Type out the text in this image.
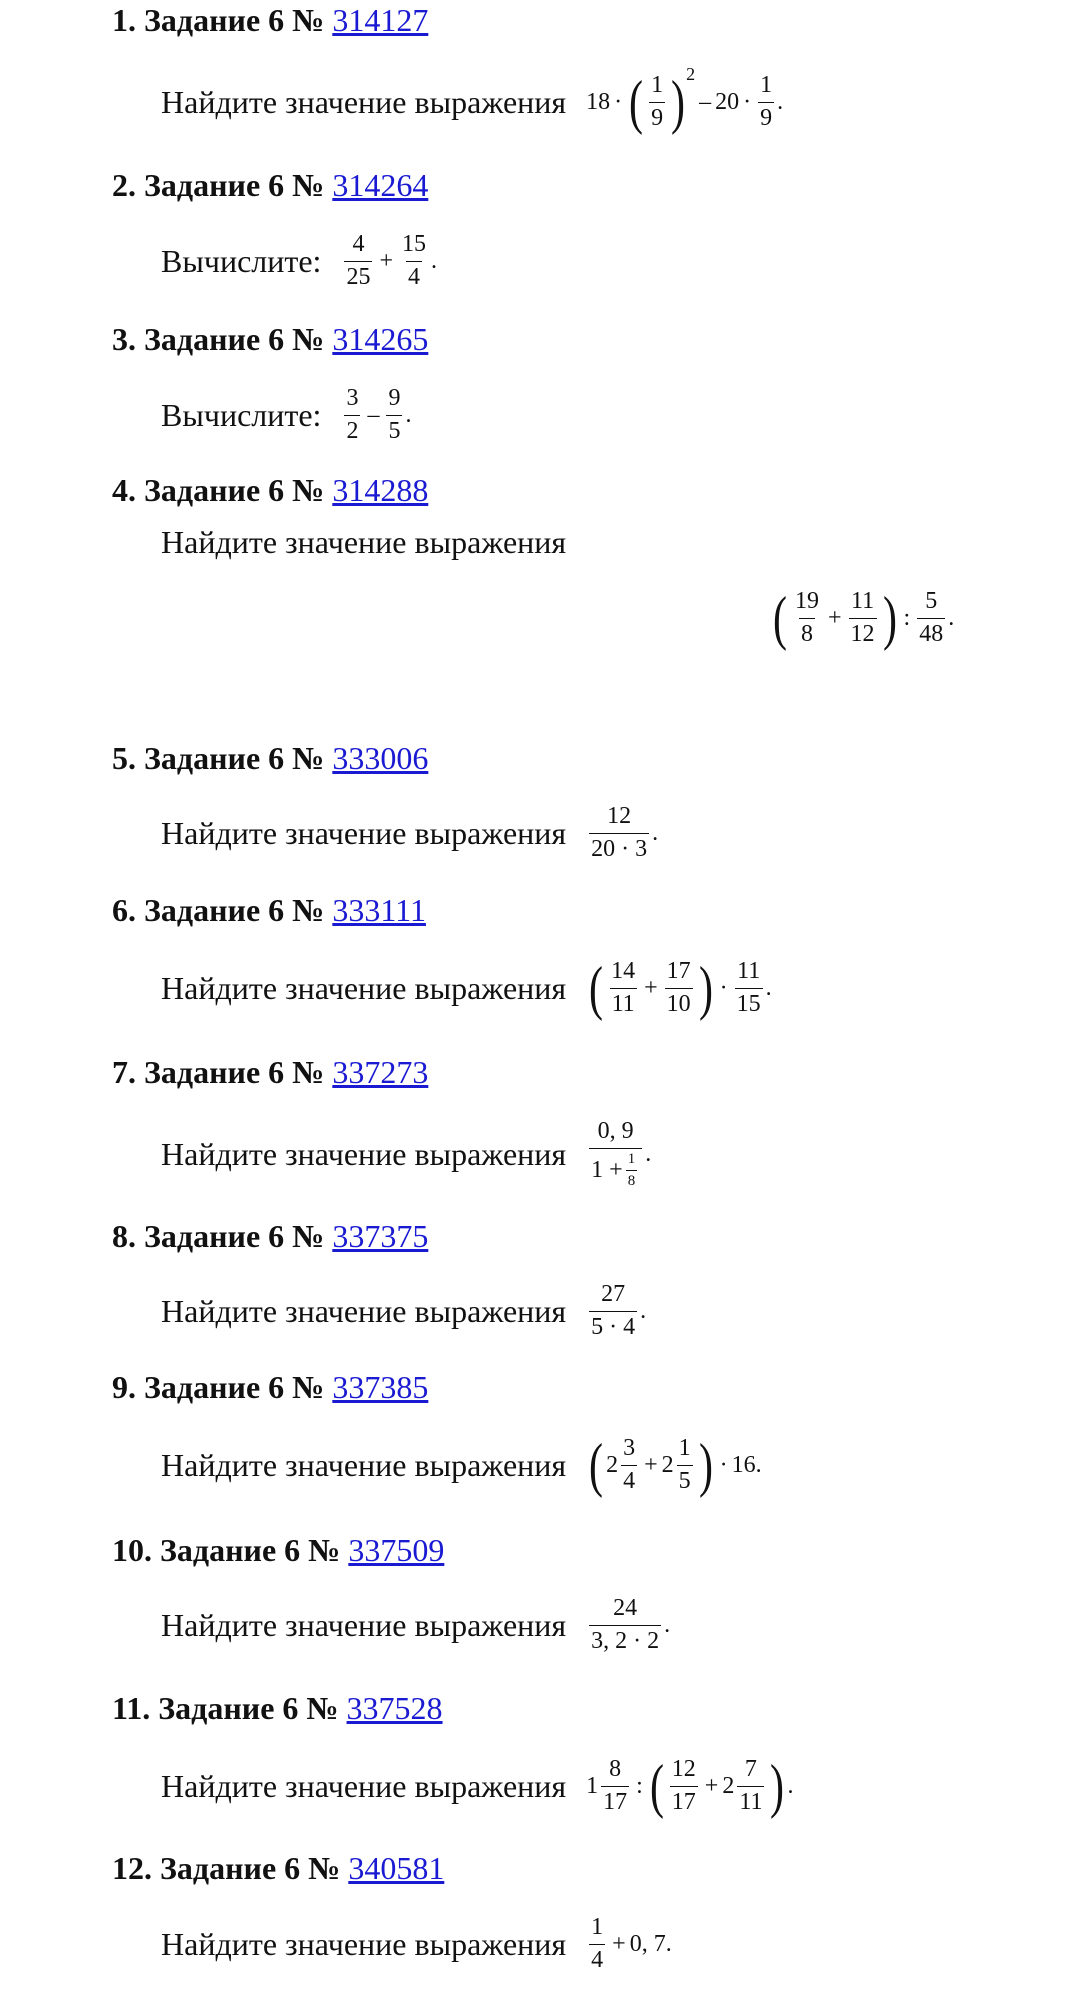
1. Задание 6 № 314127
Найдите значение выражения 18 · ( $\frac{1}{9}$ ) 2
– $20 \cdot \frac{1}{9}$ .
2. Задание 6 № 314264
Вычислите: $\frac{4}{25} + \frac{15}{4}$ .
3. Задание 6 № 314265
Вычислите: $\frac{3}{2} - \frac{9}{5}$ .
4. Задание 6 № 314288
Найдите значение выражения
( $\frac{19}{8} + \frac{11}{12}$ ) : $\frac{5}{48}$ .
5. Задание 6 № 333006
Найдите значение выражения $\frac{12}{20 \cdot 3}$ .
6. Задание 6 № 333111
Найдите значение выражения ( $\frac{14}{11} + \frac{17}{10}$ ) · $\frac{11}{15}$ .
7. Задание 6 № 337273
Найдите значение выражения $\frac{0, 9}{1 + \frac{1}{8}}$ .
8. Задание 6 № 337375
Найдите значение выражения $\frac{27}{5 \cdot 4}$ .
9. Задание 6 № 337385
Найдите значение выражения ( $2 \frac{3}{4} + 2 \frac{1}{5}$ ) · 16 .
10. Задание 6 № 337509
Найдите значение выражения $\frac{24}{3, 2 \cdot 2}$ .
11. Задание 6 № 337528
Найдите значение выражения $1 \frac{8}{17}$ : ( $\frac{12}{17} + 2 \frac{7}{11}$ ) .
12. Задание 6 № 340581
Найдите значение выражения $\frac{1}{4} + 0$, 7 .
